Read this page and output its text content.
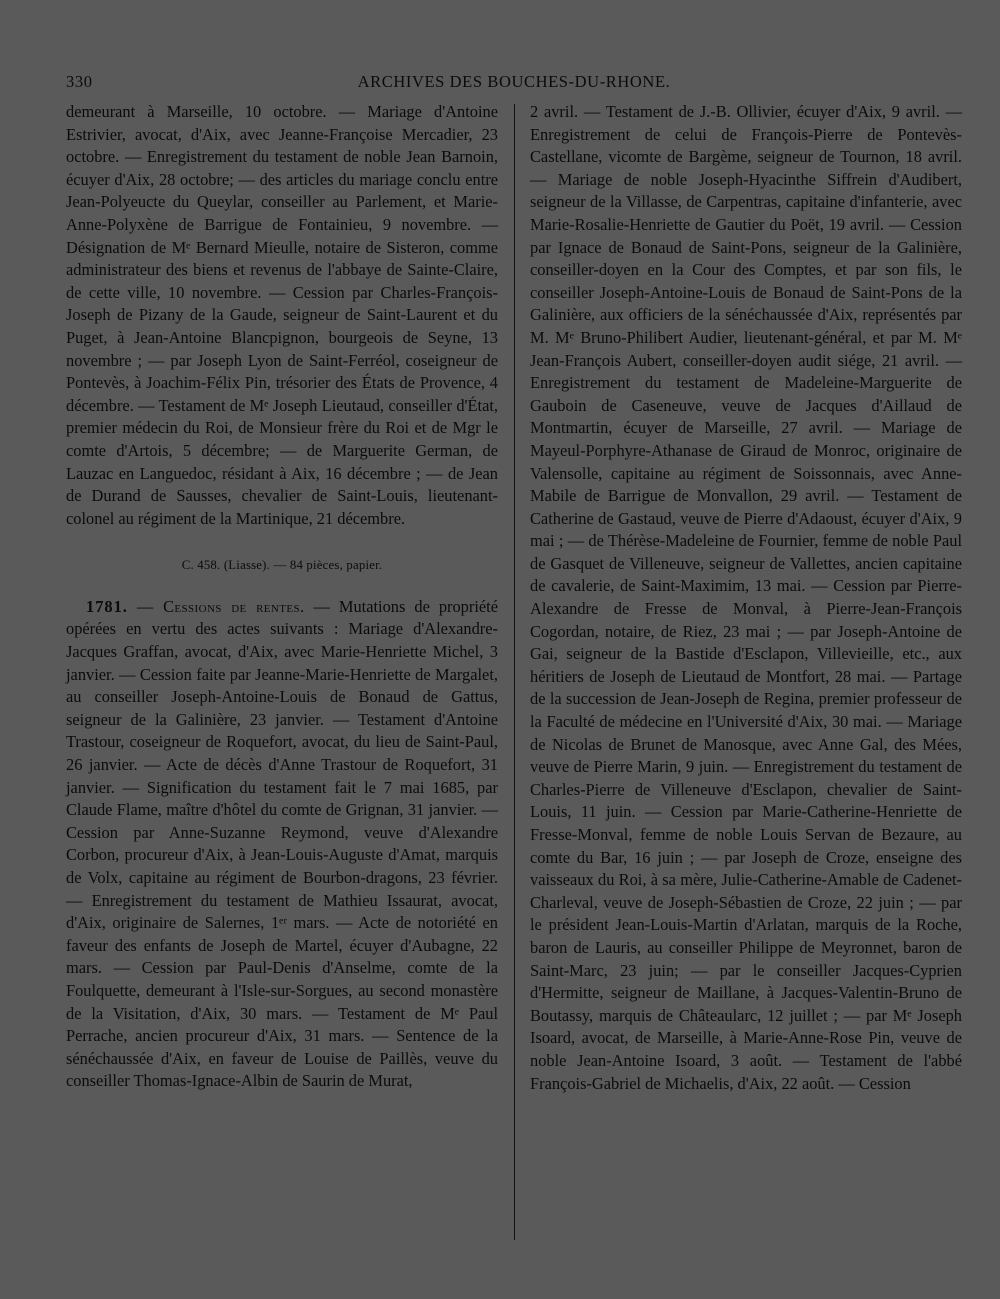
330	ARCHIVES DES BOUCHES-DU-RHONE.

demeurant à Marseille, 10 octobre. — Mariage d'Antoine Estrivier, avocat, d'Aix, avec Jeanne-Françoise Mercadier, 23 octobre. — Enregistrement du testament de noble Jean Barnoin, écuyer d'Aix, 28 octobre; — des articles du mariage conclu entre Jean-Polyeucte du Queylar, conseiller au Parlement, et Marie-Anne-Polyxène de Barrigue de Fontainieu, 9 novembre. — Désignation de Mᵉ Bernard Mieulle, notaire de Sisteron, comme administrateur des biens et revenus de l'abbaye de Sainte-Claire, de cette ville, 10 novembre. — Cession par Charles-François-Joseph de Pizany de la Gaude, seigneur de Saint-Laurent et du Puget, à Jean-Antoine Blancpignon, bourgeois de Seyne, 13 novembre ; — par Joseph Lyon de Saint-Ferréol, coseigneur de Pontevès, à Joachim-Félix Pin, trésorier des États de Provence, 4 décembre. — Testament de Mᵉ Joseph Lieutaud, conseiller d'État, premier médecin du Roi, de Monsieur frère du Roi et de Mgr le comte d'Artois, 5 décembre; — de Marguerite German, de Lauzac en Languedoc, résidant à Aix, 16 décembre ; — de Jean de Durand de Sausses, chevalier de Saint-Louis, lieutenant-colonel au régiment de la Martinique, 21 décembre.

C. 458. (Liasse). — 84 pièces, papier.

1781. — Cessions de rentes. — Mutations de propriété opérées en vertu des actes suivants : Mariage d'Alexandre-Jacques Graffan, avocat, d'Aix, avec Marie-Henriette Michel, 3 janvier. — Cession faite par Jeanne-Marie-Henriette de Margalet, au conseiller Joseph-Antoine-Louis de Bonaud de Gattus, seigneur de la Galinière, 23 janvier. — Testament d'Antoine Trastour, coseigneur de Roquefort, avocat, du lieu de Saint-Paul, 26 janvier. — Acte de décès d'Anne Trastour de Roquefort, 31 janvier. — Signification du testament fait le 7 mai 1685, par Claude Flame, maître d'hôtel du comte de Grignan, 31 janvier. — Cession par Anne-Suzanne Reymond, veuve d'Alexandre Corbon, procureur d'Aix, à Jean-Louis-Auguste d'Amat, marquis de Volx, capitaine au régiment de Bourbon-dragons, 23 février. — Enregistrement du testament de Mathieu Issaurat, avocat, d'Aix, originaire de Salernes, 1ᵉʳ mars. — Acte de notoriété en faveur des enfants de Joseph de Martel, écuyer d'Aubagne, 22 mars. — Cession par Paul-Denis d'Anselme, comte de la Foulquette, demeurant à l'Isle-sur-Sorgues, au second monastère de la Visitation, d'Aix, 30 mars. — Testament de Mᵉ Paul Perrache, ancien procureur d'Aix, 31 mars. — Sentence de la sénéchaussée d'Aix, en faveur de Louise de Paillès, veuve du conseiller Thomas-Ignace-Albin de Saurin de Murat,

2 avril. — Testament de J.-B. Ollivier, écuyer d'Aix, 9 avril. — Enregistrement de celui de François-Pierre de Pontevès-Castellane, vicomte de Bargème, seigneur de Tournon, 18 avril. — Mariage de noble Joseph-Hyacinthe Siffrein d'Audibert, seigneur de la Villasse, de Carpentras, capitaine d'infanterie, avec Marie-Rosalie-Henriette de Gautier du Poët, 19 avril. — Cession par Ignace de Bonaud de Saint-Pons, seigneur de la Galinière, conseiller-doyen en la Cour des Comptes, et par son fils, le conseiller Joseph-Antoine-Louis de Bonaud de Saint-Pons de la Galinière, aux officiers de la sénéchaussée d'Aix, représentés par M. Mᵉ Bruno-Philibert Audier, lieutenant-général, et par M. Mᵉ Jean-François Aubert, conseiller-doyen audit siége, 21 avril. — Enregistrement du testament de Madeleine-Marguerite de Gauboin de Caseneuve, veuve de Jacques d'Aillaud de Montmartin, écuyer de Marseille, 27 avril. — Mariage de Mayeul-Porphyre-Athanase de Giraud de Monroc, originaire de Valensolle, capitaine au régiment de Soissonnais, avec Anne-Mabile de Barrigue de Monvallon, 29 avril. — Testament de Catherine de Gastaud, veuve de Pierre d'Adaoust, écuyer d'Aix, 9 mai ; — de Thérèse-Madeleine de Fournier, femme de noble Paul de Gasquet de Villeneuve, seigneur de Vallettes, ancien capitaine de cavalerie, de Saint-Maximim, 13 mai. — Cession par Pierre-Alexandre de Fresse de Monval, à Pierre-Jean-François Cogordan, notaire, de Riez, 23 mai ; — par Joseph-Antoine de Gai, seigneur de la Bastide d'Esclapon, Villevieille, etc., aux héritiers de Joseph de Lieutaud de Montfort, 28 mai. — Partage de la succession de Jean-Joseph de Regina, premier professeur de la Faculté de médecine en l'Université d'Aix, 30 mai. — Mariage de Nicolas de Brunet de Manosque, avec Anne Gal, des Mées, veuve de Pierre Marin, 9 juin. — Enregistrement du testament de Charles-Pierre de Villeneuve d'Esclapon, chevalier de Saint-Louis, 11 juin. — Cession par Marie-Catherine-Henriette de Fresse-Monval, femme de noble Louis Servan de Bezaure, au comte du Bar, 16 juin ; — par Joseph de Croze, enseigne des vaisseaux du Roi, à sa mère, Julie-Catherine-Amable de Cadenet-Charleval, veuve de Joseph-Sébastien de Croze, 22 juin ; — par le président Jean-Louis-Martin d'Arlatan, marquis de la Roche, baron de Lauris, au conseiller Philippe de Meyronnet, baron de Saint-Marc, 23 juin; — par le conseiller Jacques-Cyprien d'Hermitte, seigneur de Maillane, à Jacques-Valentin-Bruno de Boutassy, marquis de Châteaularc, 12 juillet ; — par Mᵉ Joseph Isoard, avocat, de Marseille, à Marie-Anne-Rose Pin, veuve de noble Jean-Antoine Isoard, 3 août. — Testament de l'abbé François-Gabriel de Michaelis, d'Aix, 22 août. — Cession
